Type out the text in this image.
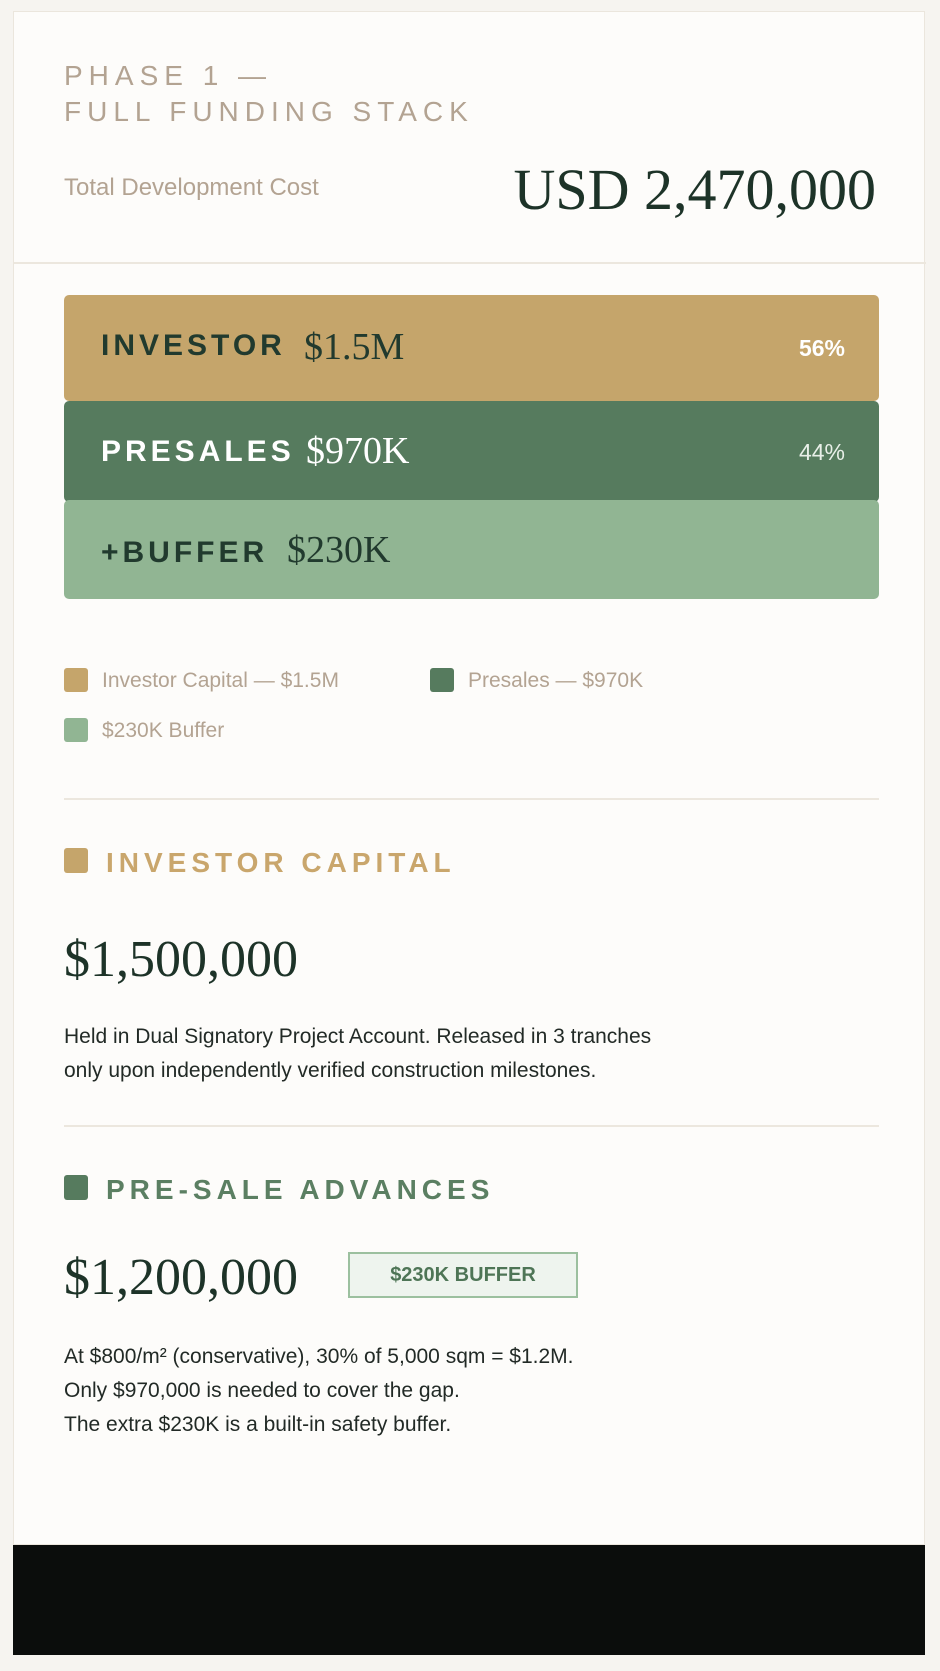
PHASE 1 —
FULL FUNDING STACK
Total Development Cost	USD 2,470,000
INVESTOR $1.5M	56%
PRESALES $970K	44%
+BUFFER $230K
Investor Capital — $1.5M	Presales — $970K
$230K Buffer
INVESTOR CAPITAL
$1,500,000
Held in Dual Signatory Project Account. Released in 3 tranches
only upon independently verified construction milestones.
PRE-SALE ADVANCES
$1,200,000	$230K BUFFER
At $800/m² (conservative), 30% of 5,000 sqm = $1.2M.
Only $970,000 is needed to cover the gap.
The extra $230K is a built-in safety buffer.
